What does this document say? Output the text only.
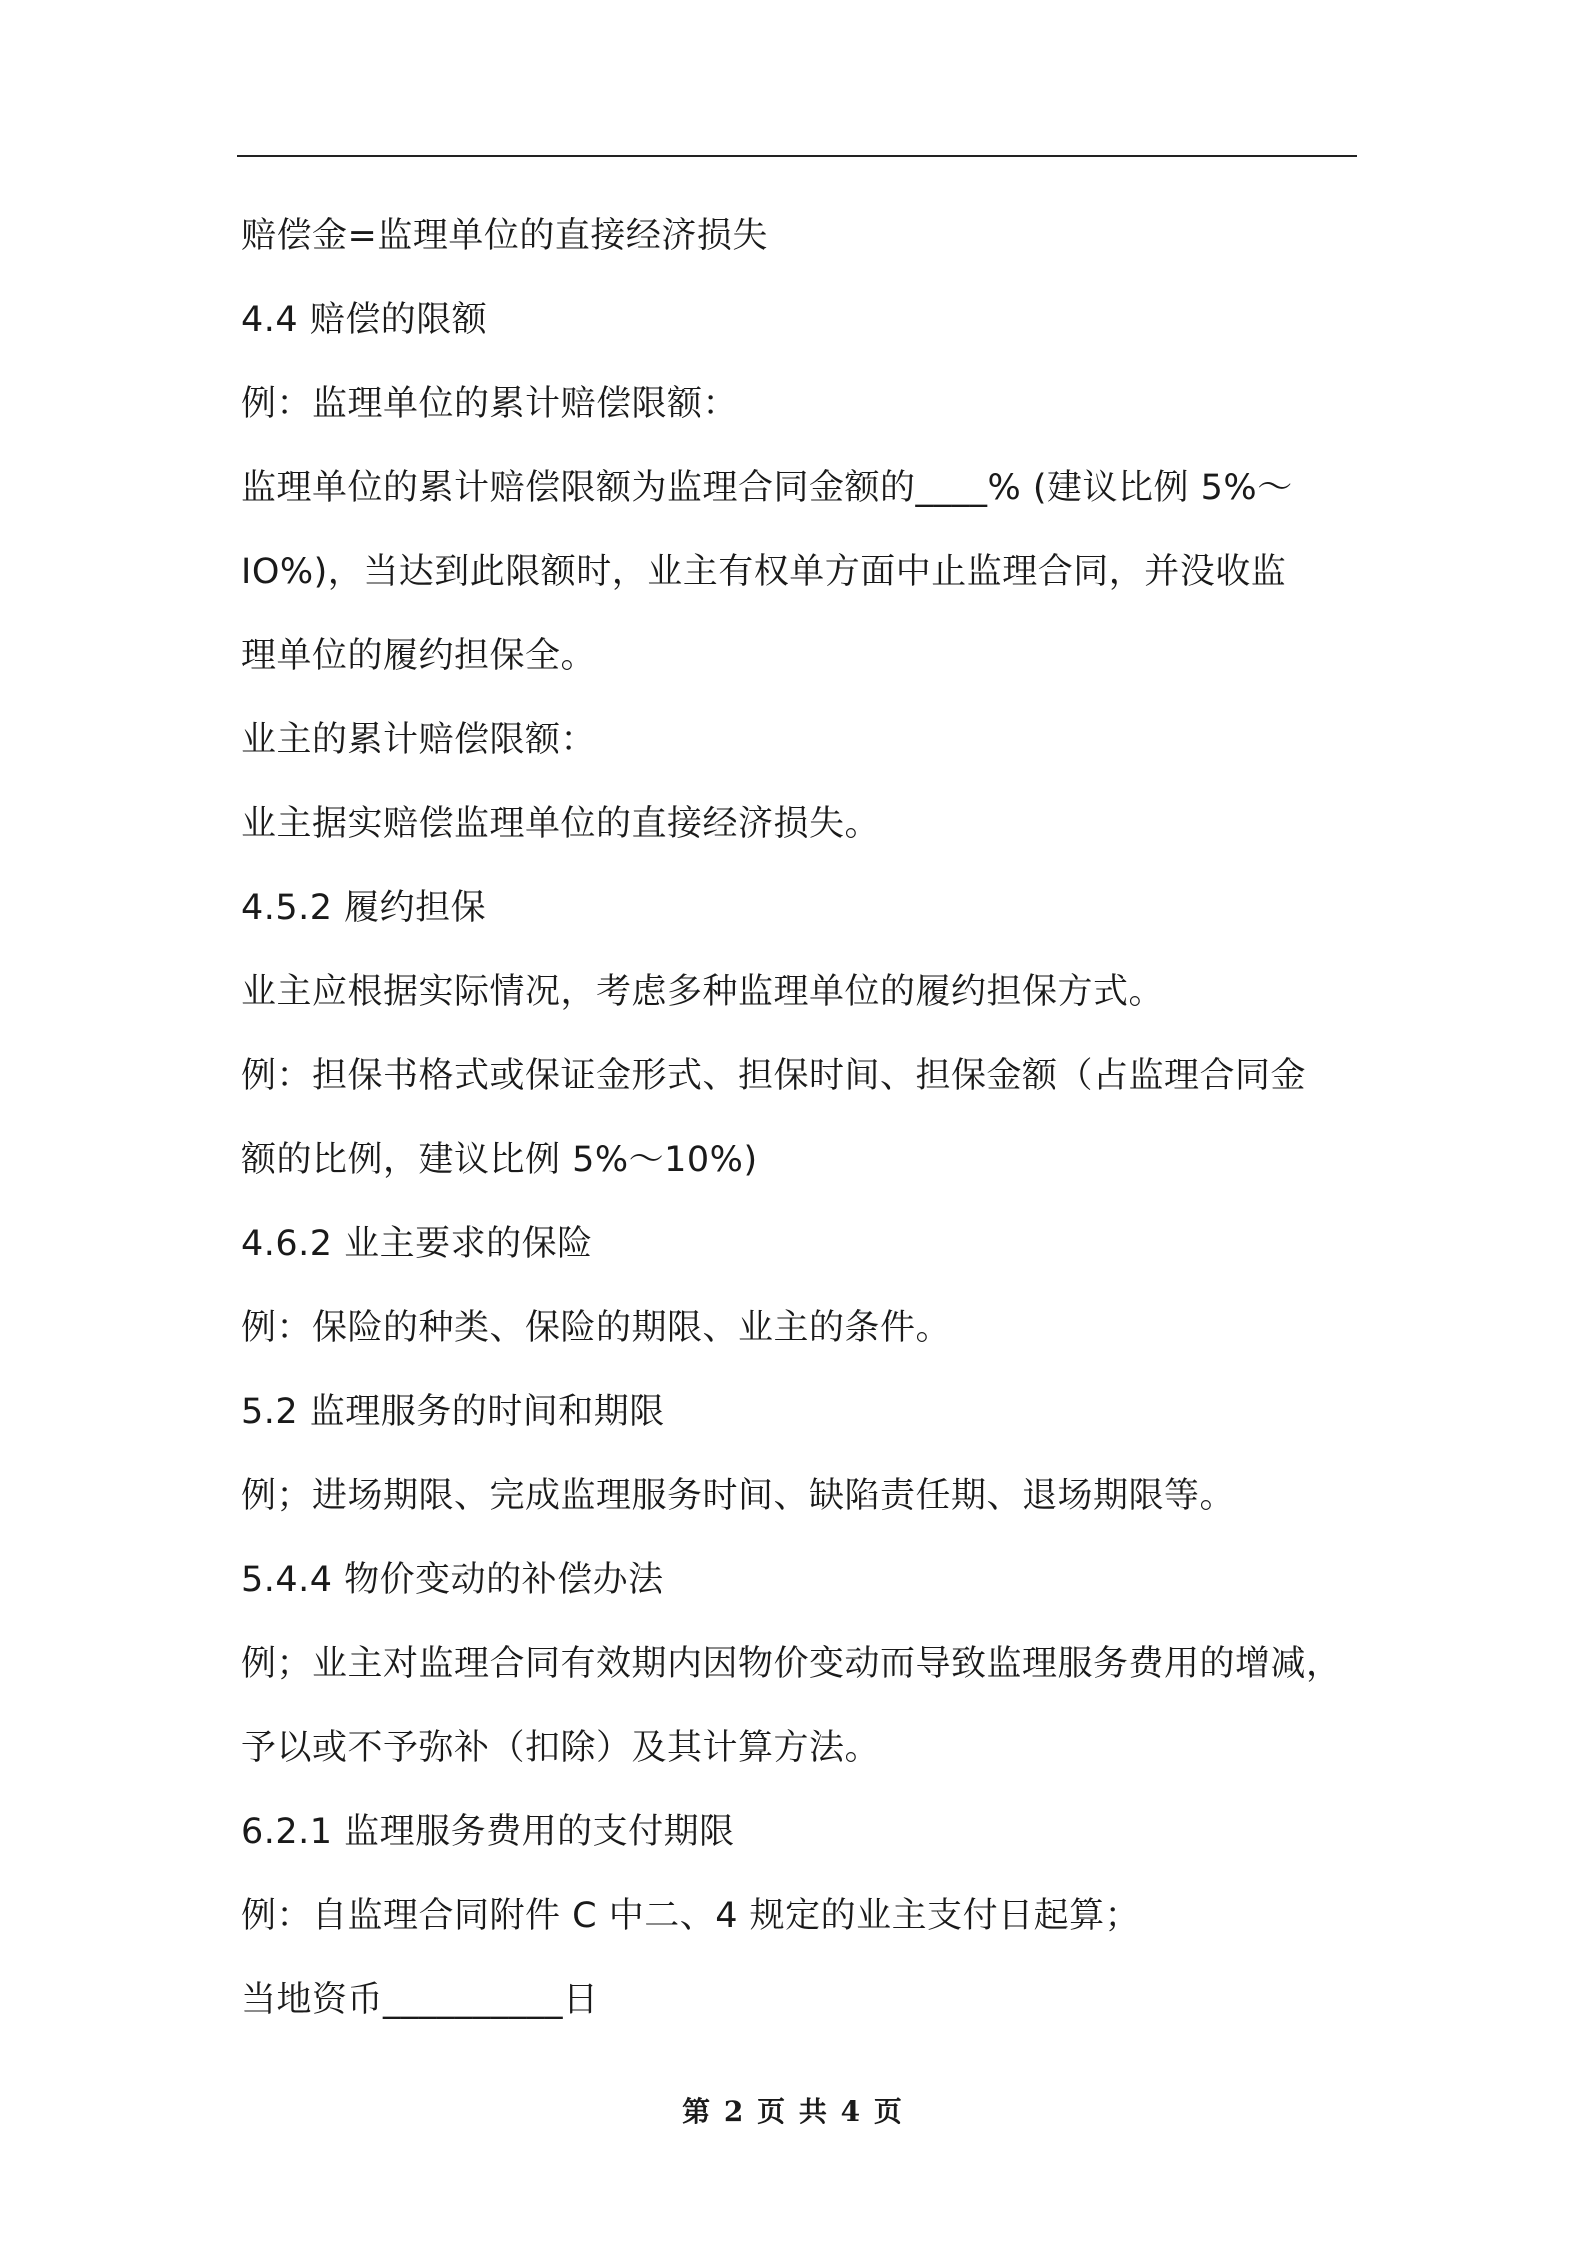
赔偿金=监理单位的直接经济损失
4.4 赔偿的限额
例：监理单位的累计赔偿限额：
监理单位的累计赔偿限额为监理合同金额的____% (建议比例 5%～
IO%)，当达到此限额时，业主有权单方面中止监理合同，并没收监
理单位的履约担保全。
业主的累计赔偿限额：
业主据实赔偿监理单位的直接经济损失。
4.5.2 履约担保
业主应根据实际情况，考虑多种监理单位的履约担保方式。
例：担保书格式或保证金形式、担保时间、担保金额（占监理合同金
额的比例，建议比例 5%～10%)
4.6.2 业主要求的保险
例：保险的种类、保险的期限、业主的条件。
5.2 监理服务的时间和期限
例；进场期限、完成监理服务时间、缺陷责任期、退场期限等。
5.4.4 物价变动的补偿办法
例；业主对监理合同有效期内因物价变动而导致监理服务费用的增减，
予以或不予弥补（扣除）及其计算方法。
6.2.1 监理服务费用的支付期限
例：自监理合同附件 C 中二、4 规定的业主支付日起算；
当地资币__________日
第 2 页 共 4 页
